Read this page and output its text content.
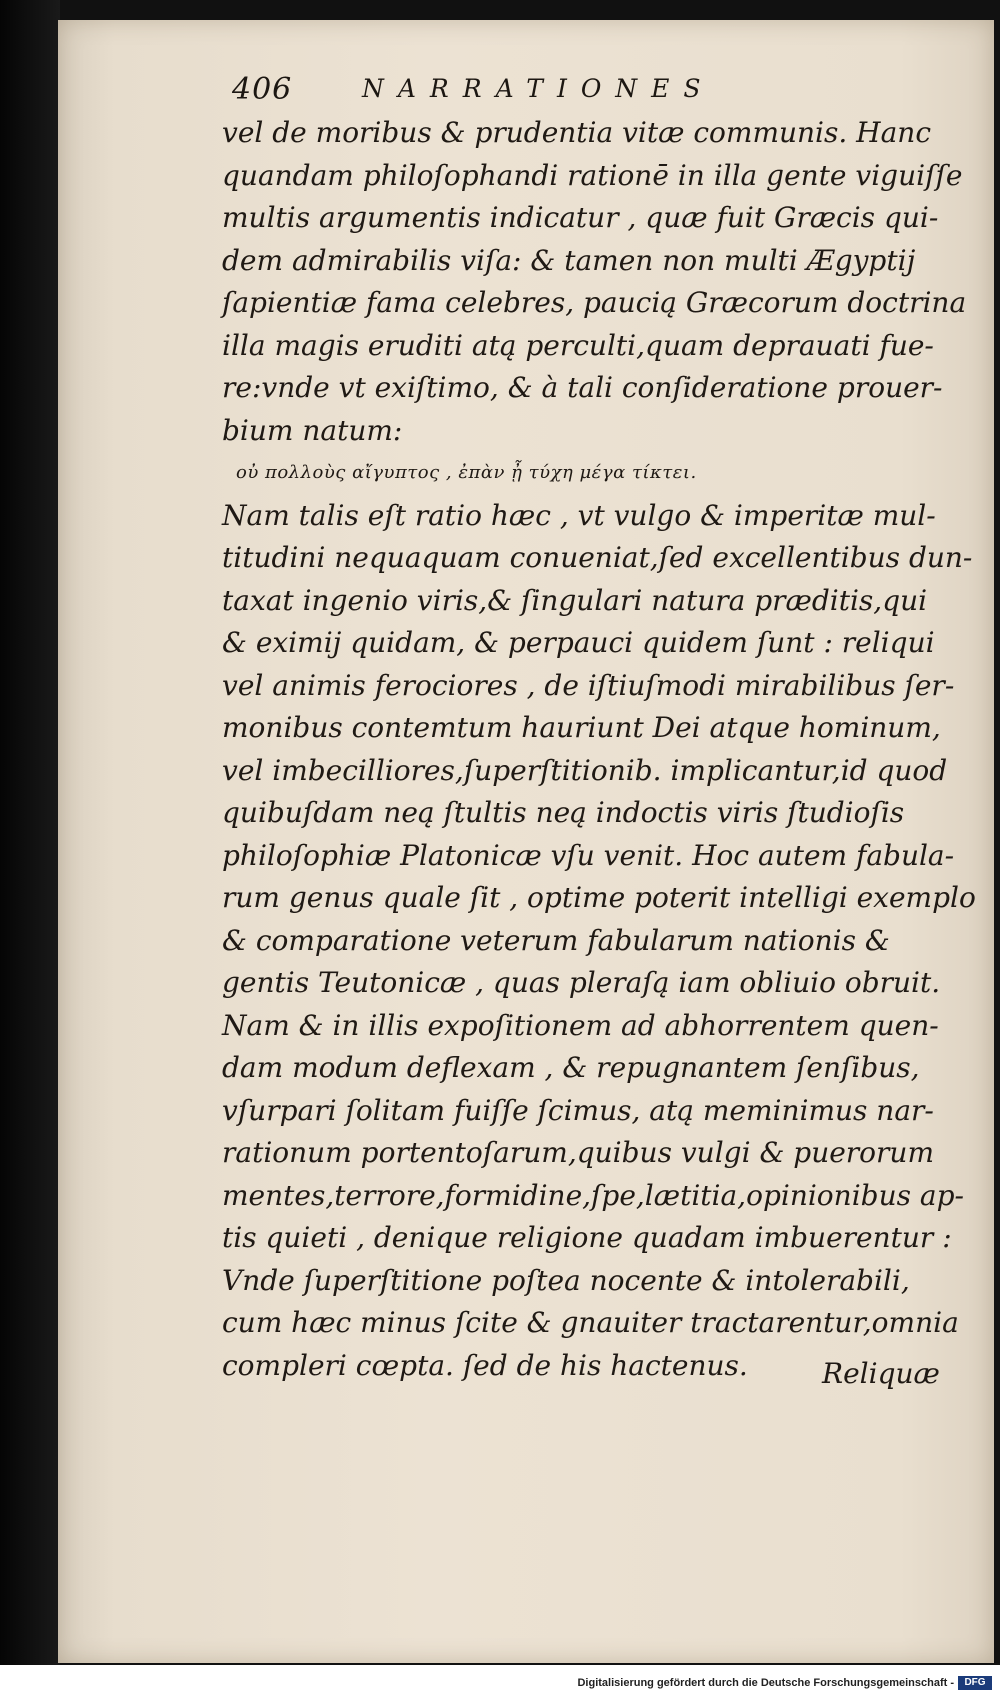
406	NARRATIONES
vel de moribus & prudentia vitæ communis. Hanc
quandam philoſophandi rationē in illa gente viguiſſe
multis argumentis indicatur , quæ fuit Græcis qui-
dem admirabilis viſa: & tamen non multi Ægyptij
ſapientiæ fama celebres, paucią Græcorum doctrina
illa magis eruditi atą perculti,quam deprauati fue-
re:vnde vt exiſtimo, & à tali conſideratione prouer-
bium natum:
οὐ πολλοὺς αἴγυπτος , ἐπὰν ᾖ τύχη μέγα τίκτει.
Nam talis eſt ratio hæc , vt vulgo & imperitæ mul-
titudini nequaquam conueniat,ſed excellentibus dun-
taxat ingenio viris,& ſingulari natura præditis,qui
& eximij quidam, & perpauci quidem ſunt : reliqui
vel animis ferociores , de iſtiuſmodi mirabilibus ſer-
monibus contemtum hauriunt Dei atque hominum,
vel imbecilliores,ſuperſtitionib. implicantur,id quod
quibuſdam neą ſtultis neą indoctis viris ſtudioſis
philoſophiæ Platonicæ vſu venit. Hoc autem fabula-
rum genus quale ſit , optime poterit intelligi exemplo
& comparatione veterum fabularum nationis &
gentis Teutonicæ , quas pleraſą iam obliuio obruit.
Nam & in illis expoſitionem ad abhorrentem quen-
dam modum deflexam , & repugnantem ſenſibus,
vſurpari ſolitam fuiſſe ſcimus, atą meminimus nar-
rationum portentoſarum,quibus vulgi & puerorum
mentes,terrore,formidine,ſpe,lætitia,opinionibus ap-
tis quieti , denique religione quadam imbuerentur :
Vnde ſuperſtitione poſtea nocente & intolerabili,
cum hæc minus ſcite & gnauiter tractarentur,omnia
compleri cœpta. ſed de his hactenus.	Reliquæ
Digitalisierung gefördert durch die Deutsche Forschungsgemeinschaft -	DFG
